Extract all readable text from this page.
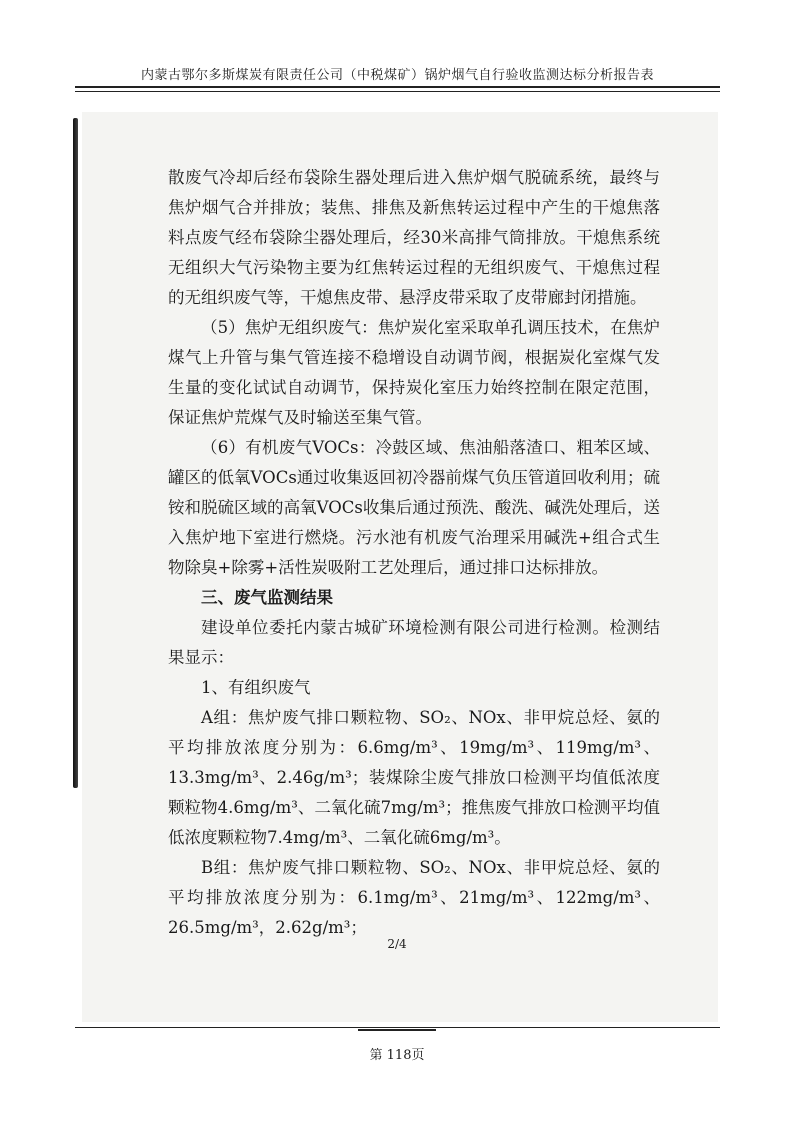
内蒙古鄂尔多斯煤炭有限责任公司（中税煤矿）锅炉烟气自行验收监测达标分析报告表

散废气冷却后经布袋除生器处理后进入焦炉烟气脱硫系统，最终与焦炉烟气合并排放；装焦、排焦及新焦转运过程中产生的干熄焦落料点废气经布袋除尘器处理后，经30米高排气筒排放。干熄焦系统无组织大气污染物主要为红焦转运过程的无组织废气、干熄焦过程的无组织废气等，干熄焦皮带、悬浮皮带采取了皮带廊封闭措施。

（5）焦炉无组织废气：焦炉炭化室采取单孔调压技术，在焦炉煤气上升管与集气管连接不稳增设自动调节阀，根据炭化室煤气发生量的变化试试自动调节，保持炭化室压力始终控制在限定范围，保证焦炉荒煤气及时输送至集气管。

（6）有机废气VOCs：冷鼓区域、焦油船落渣口、粗苯区域、罐区的低氧VOCs通过收集返回初冷器前煤气负压管道回收利用；硫铵和脱硫区域的高氧VOCs收集后通过预洗、酸洗、碱洗处理后，送入焦炉地下室进行燃烧。污水池有机废气治理采用碱洗+组合式生物除臭+除雾+活性炭吸附工艺处理后，通过排口达标排放。

三、废气监测结果

建设单位委托内蒙古城矿环境检测有限公司进行检测。检测结果显示：

1、有组织废气

A组：焦炉废气排口颗粒物、SO₂、NOx、非甲烷总烃、氨的平均排放浓度分别为：6.6mg/m³、19mg/m³、119mg/m³、13.3mg/m³、2.46g/m³；装煤除尘废气排放口检测平均值低浓度颗粒物4.6mg/m³、二氧化硫7mg/m³；推焦废气排放口检测平均值低浓度颗粒物7.4mg/m³、二氧化硫6mg/m³。

B组：焦炉废气排口颗粒物、SO₂、NOx、非甲烷总烃、氨的平均排放浓度分别为：6.1mg/m³、21mg/m³、122mg/m³、26.5mg/m³，2.62g/m³；

2/4
第 118页
